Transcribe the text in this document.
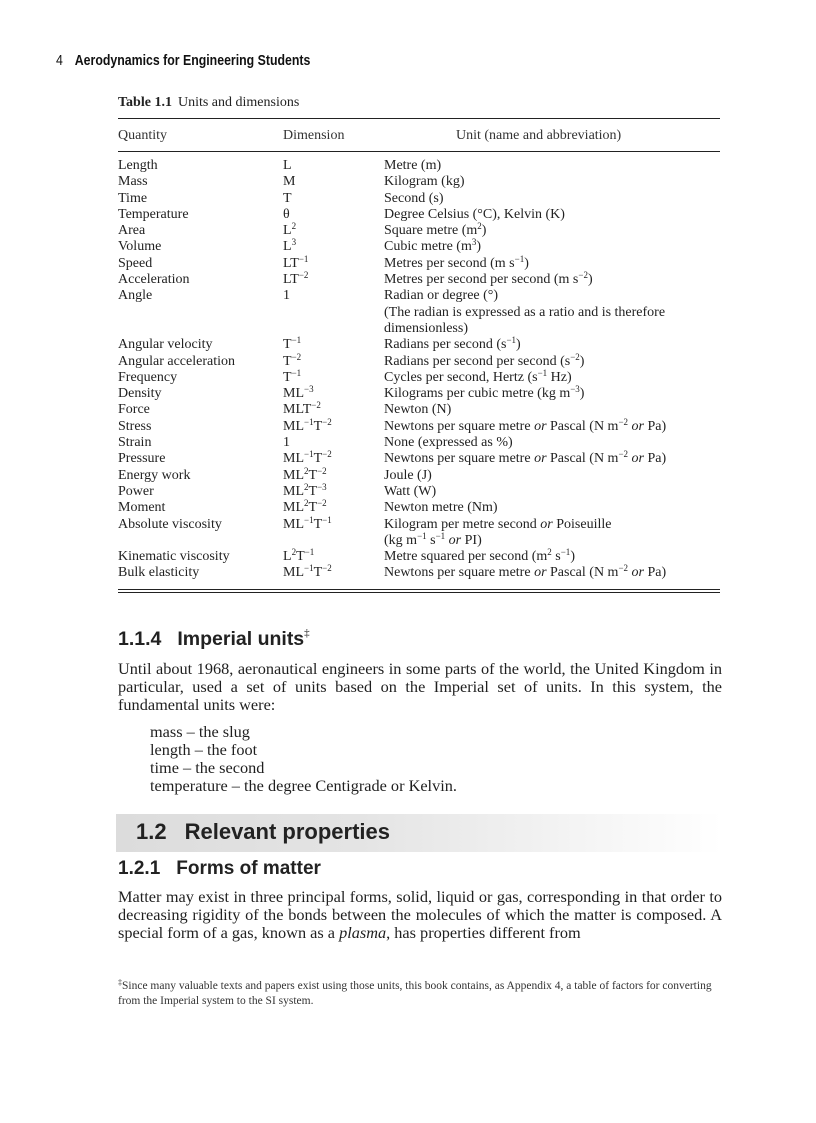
4 Aerodynamics for Engineering Students
Table 1.1 Units and dimensions
Quantity	Dimension	Unit (name and abbreviation)
Length	L	Metre (m)
Mass	M	Kilogram (kg)
Time	T	Second (s)
Temperature	θ	Degree Celsius (°C), Kelvin (K)
Area	$L^2$	Square metre $(m^2)$
Volume	$L^3$	Cubic metre $(m^3)$
Speed	$LT^{-1}$	Metres per second (m $s^{-1}$)
Acceleration	$LT^{-2}$	Metres per second per second (m $s^{-2}$)
Angle	1	Radian or degree (°)
(The radian is expressed as a ratio and is therefore
dimensionless)
Angular velocity	$T^{-1}$	Radians per second $(s^{-1})$
Angular acceleration	$T^{-2}$	Radians per second per second $(s^{-2})$
Frequency	$T^{-1}$	Cycles per second, Hertz ($s^{-1}$ Hz)
Density	$ML^{-3}$	Kilograms per cubic metre (kg $m^{-3}$)
Force	$MLT^{-2}$	Newton (N)
Stress	$ML^{-1}T^{-2}$	Newtons per square metre or Pascal (N $m^{-2}$ or Pa)
Strain	1	None (expressed as %)
Pressure	$ML^{-1}T^{-2}$	Newtons per square metre or Pascal (N $m^{-2}$ or Pa)
Energy work	$ML^2T^{-2}$	Joule (J)
Power	$ML^2T^{-3}$	Watt (W)
Moment	$ML^2T^{-2}$	Newton metre (Nm)
Absolute viscosity	$ML^{-1}T^{-1}$	Kilogram per metre second or Poiseuille
(kg $m^{-1}$ $s^{-1}$ or PI)
Kinematic viscosity	$L^2T^{-1}$	Metre squared per second ($m^2$ $s^{-1}$)
Bulk elasticity	$ML^{-1}T^{-2}$	Newtons per square metre or Pascal (N $m^{-2}$ or Pa)
1.1.4 Imperial units‡

Until about 1968, aeronautical engineers in some parts of the world, the United Kingdom in particular, used a set of units based on the Imperial set of units. In this system, the fundamental units were:

mass – the slug
length – the foot
time – the second
temperature – the degree Centigrade or Kelvin.
1.2 Relevant properties
1.2.1 Forms of matter

Matter may exist in three principal forms, solid, liquid or gas, corresponding in that order to decreasing rigidity of the bonds between the molecules of which the matter is composed. A special form of a gas, known as a plasma, has properties different from

‡Since many valuable texts and papers exist using those units, this book contains, as Appendix 4, a table of factors for converting from the Imperial system to the SI system.
